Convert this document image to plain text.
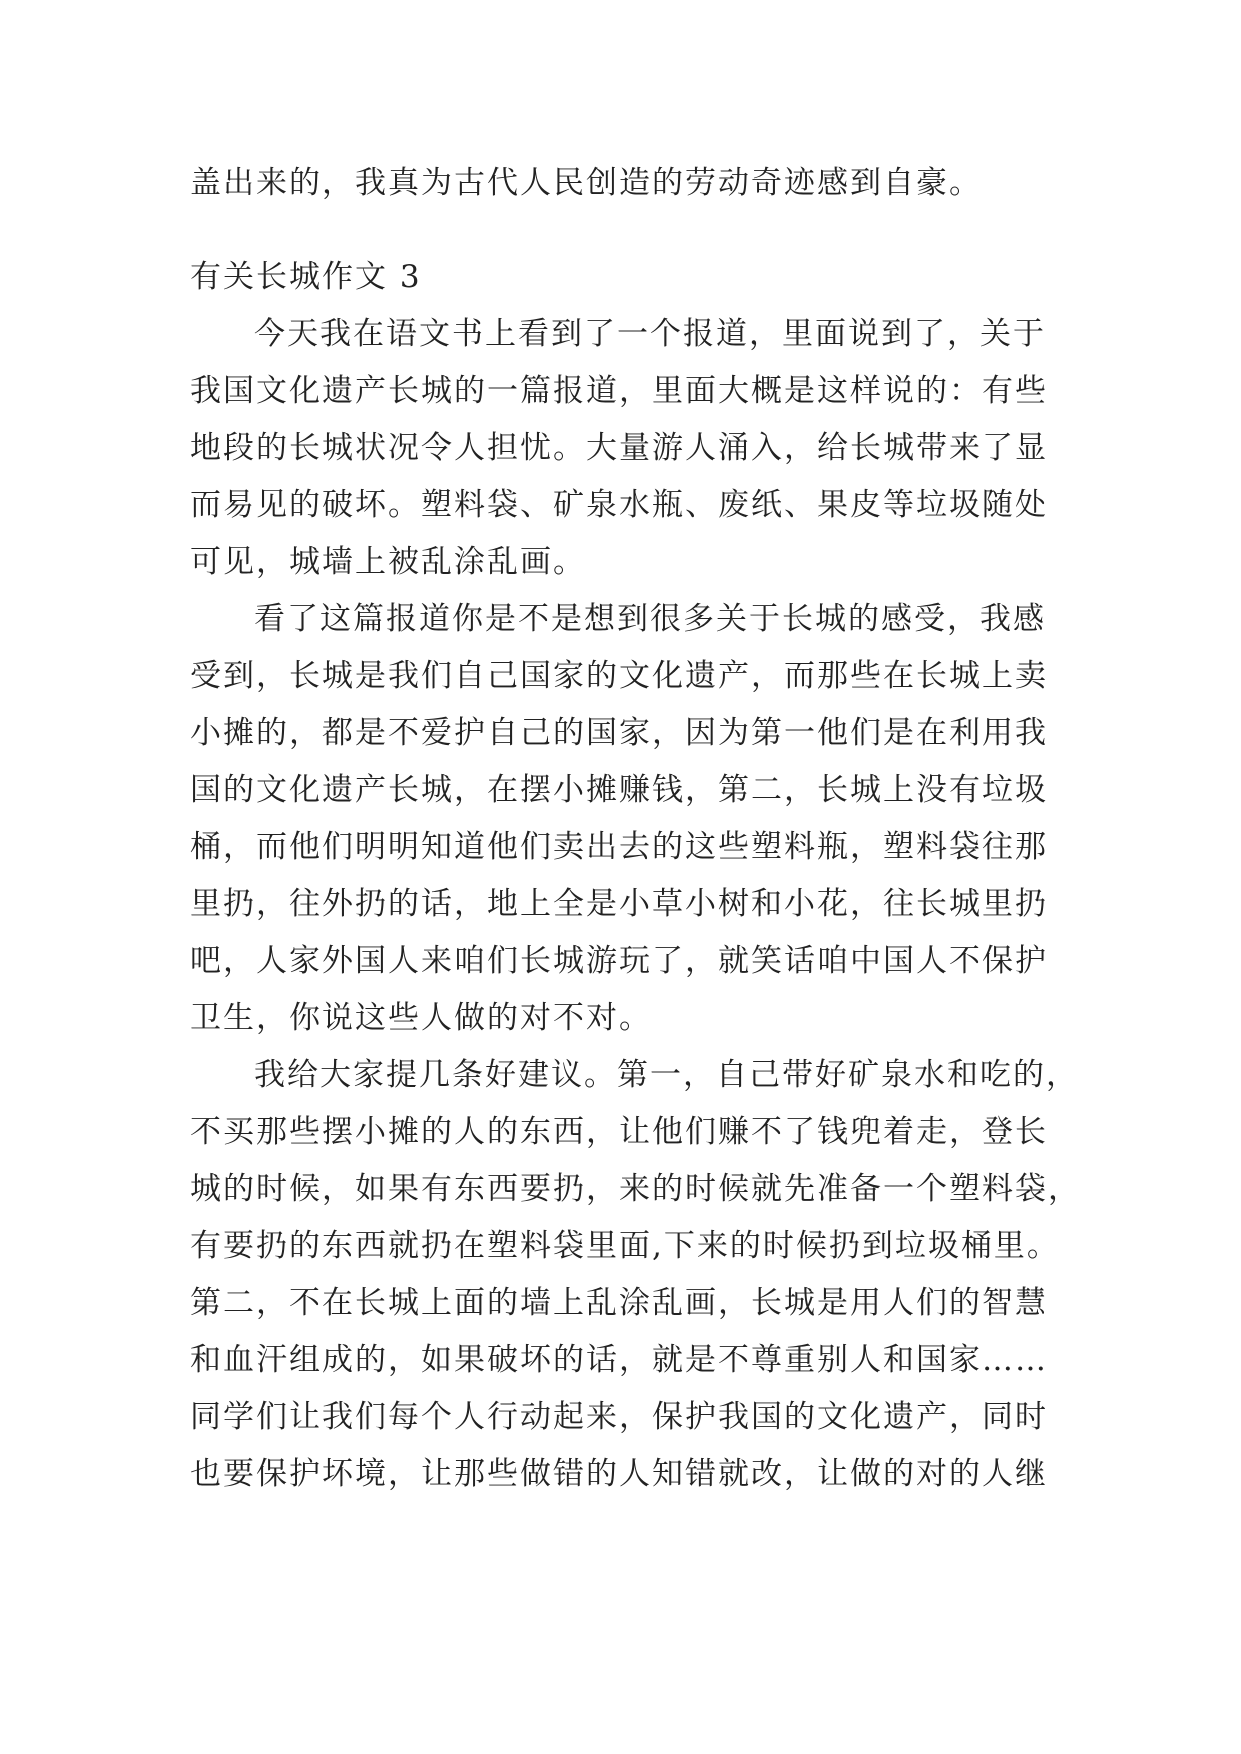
盖出来的，我真为古代人民创造的劳动奇迹感到自豪。
有关长城作文 3
今天我在语文书上看到了一个报道，里面说到了，关于
我国文化遗产长城的一篇报道，里面大概是这样说的：有些
地段的长城状况令人担忧。大量游人涌入，给长城带来了显
而易见的破坏。塑料袋、矿泉水瓶、废纸、果皮等垃圾随处
可见，城墙上被乱涂乱画。
看了这篇报道你是不是想到很多关于长城的感受，我感
受到，长城是我们自己国家的文化遗产，而那些在长城上卖
小摊的，都是不爱护自己的国家，因为第一他们是在利用我
国的文化遗产长城，在摆小摊赚钱，第二，长城上没有垃圾
桶，而他们明明知道他们卖出去的这些塑料瓶，塑料袋往那
里扔，往外扔的话，地上全是小草小树和小花，往长城里扔
吧，人家外国人来咱们长城游玩了，就笑话咱中国人不保护
卫生，你说这些人做的对不对。
我给大家提几条好建议。第一，自己带好矿泉水和吃的，
不买那些摆小摊的人的东西，让他们赚不了钱兜着走，登长
城的时候，如果有东西要扔，来的时候就先准备一个塑料袋，
有要扔的东西就扔在塑料袋里面,下来的时候扔到垃圾桶里。
第二，不在长城上面的墙上乱涂乱画，长城是用人们的智慧
和血汗组成的，如果破坏的话，就是不尊重别人和国家……
同学们让我们每个人行动起来，保护我国的文化遗产，同时
也要保护坏境，让那些做错的人知错就改，让做的对的人继
